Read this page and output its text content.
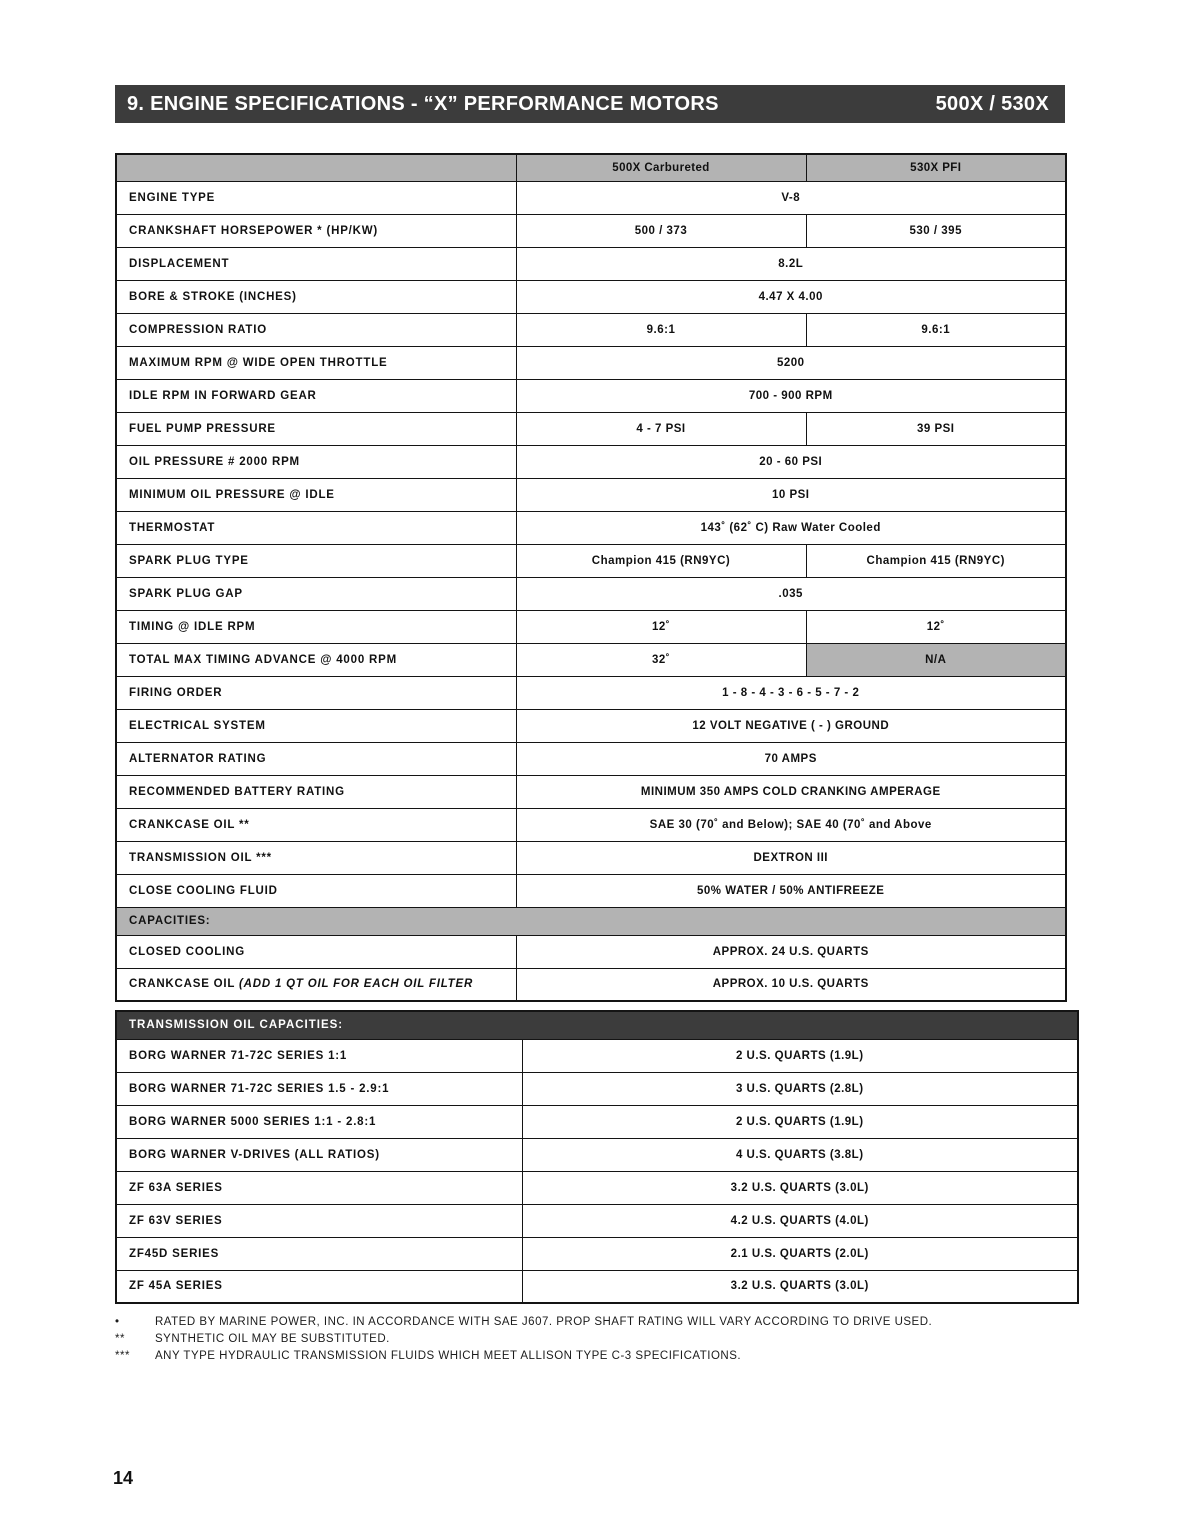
9. ENGINE SPECIFICATIONS - “X” PERFORMANCE MOTORS	500X / 530X
	500X Carbureted	530X PFI
ENGINE TYPE	V-8	
CRANKSHAFT HORSEPOWER * (HP/KW)	500 / 373	530 / 395
DISPLACEMENT	8.2L	
BORE & STROKE (INCHES)	4.47 X 4.00	
COMPRESSION RATIO	9.6:1	9.6:1
MAXIMUM RPM @ WIDE OPEN THROTTLE	5200	
IDLE RPM IN FORWARD GEAR	700 - 900 RPM	
FUEL PUMP PRESSURE	4 - 7 PSI	39 PSI
OIL PRESSURE # 2000 RPM	20 - 60 PSI	
MINIMUM OIL PRESSURE @ IDLE	10 PSI	
THERMOSTAT	143˚ (62˚ C) Raw Water Cooled	
SPARK PLUG TYPE	Champion 415 (RN9YC)	Champion 415 (RN9YC)
SPARK PLUG GAP	.035	
TIMING @ IDLE RPM	12˚	12˚
TOTAL MAX TIMING ADVANCE @ 4000 RPM	32˚	N/A
FIRING ORDER	1 - 8 - 4 - 3 - 6 - 5 - 7 - 2	
ELECTRICAL SYSTEM	12 VOLT NEGATIVE ( - ) GROUND	
ALTERNATOR RATING	70 AMPS	
RECOMMENDED BATTERY RATING	MINIMUM 350 AMPS COLD CRANKING AMPERAGE	
CRANKCASE OIL **	SAE 30 (70˚ and Below); SAE 40 (70˚ and Above	
TRANSMISSION OIL ***	DEXTRON III	
CLOSE COOLING FLUID	50% WATER / 50% ANTIFREEZE	
CAPACITIES:		
CLOSED COOLING	APPROX. 24 U.S. QUARTS	
CRANKCASE OIL (ADD 1 QT OIL FOR EACH OIL FILTER	APPROX. 10 U.S. QUARTS	
TRANSMISSION OIL CAPACITIES:	
BORG WARNER 71-72C SERIES 1:1	2 U.S. QUARTS (1.9L)
BORG WARNER 71-72C SERIES 1.5 - 2.9:1	3 U.S. QUARTS (2.8L)
BORG WARNER 5000 SERIES 1:1 - 2.8:1	2 U.S. QUARTS (1.9L)
BORG WARNER V-DRIVES (ALL RATIOS)	4 U.S. QUARTS (3.8L)
ZF 63A SERIES	3.2 U.S. QUARTS (3.0L)
ZF 63V SERIES	4.2 U.S. QUARTS (4.0L)
ZF45D SERIES	2.1 U.S. QUARTS (2.0L)
ZF 45A SERIES	3.2 U.S. QUARTS (3.0L)
•	RATED BY MARINE POWER, INC. IN ACCORDANCE WITH SAE J607. PROP SHAFT RATING WILL VARY ACCORDING TO DRIVE USED.
**	SYNTHETIC OIL MAY BE SUBSTITUTED.
***	ANY TYPE HYDRAULIC TRANSMISSION FLUIDS WHICH MEET ALLISON TYPE C-3 SPECIFICATIONS.
14
